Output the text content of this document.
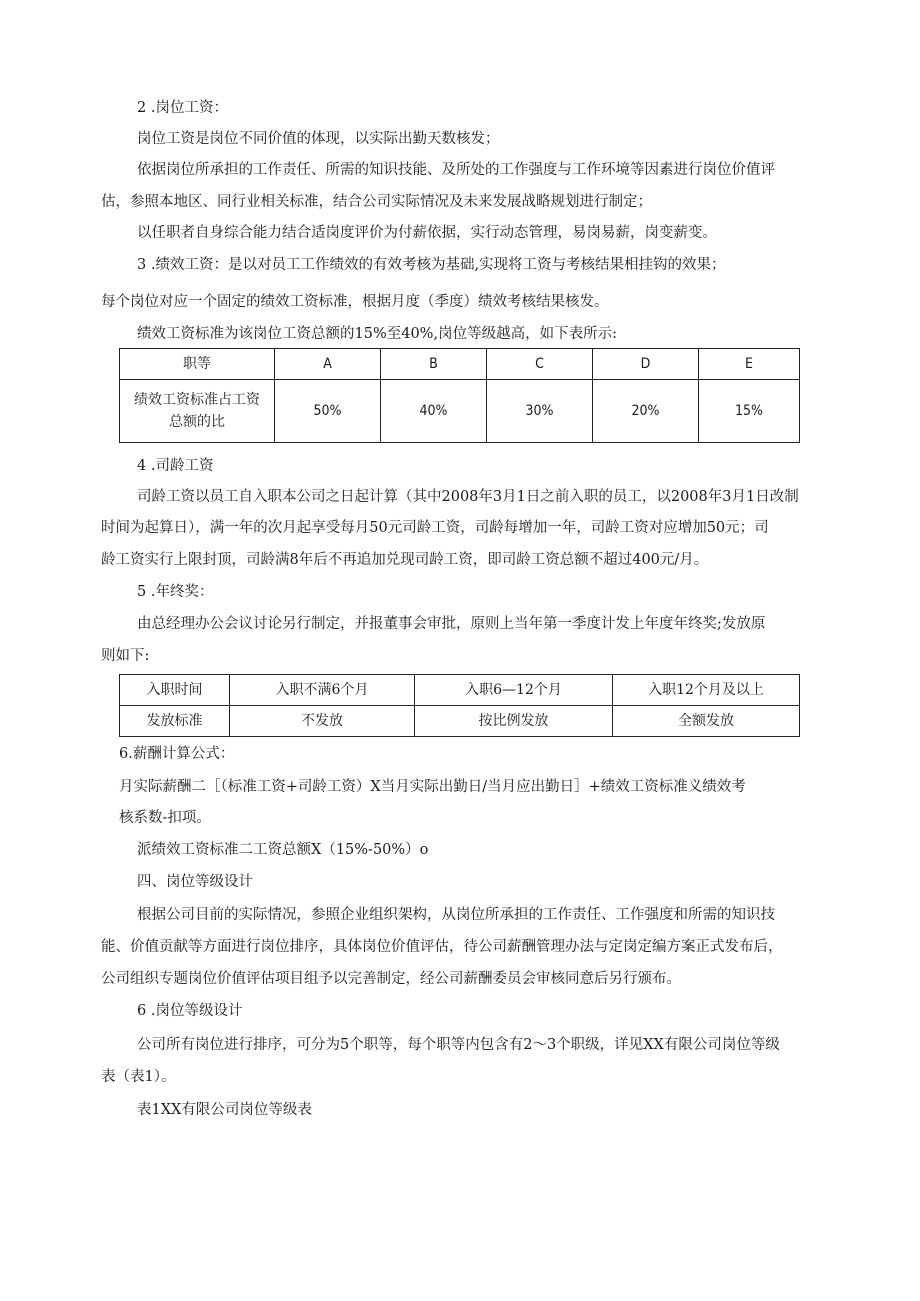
2 .岗位工资：

岗位工资是岗位不同价值的体现，以实际出勤天数核发；

依据岗位所承担的工作责任、所需的知识技能、及所处的工作强度与工作环境等因素进行岗位价值评

估，参照本地区、同行业相关标准，结合公司实际情况及未来发展战略规划进行制定；

以任职者自身综合能力结合适岗度评价为付薪依据，实行动态管理，易岗易薪，岗变薪变。

3 .绩效工资：是以对员工工作绩效的有效考核为基础,实现将工资与考核结果相挂钩的效果；

每个岗位对应一个固定的绩效工资标准，根据月度（季度）绩效考核结果核发。

绩效工资标准为该岗位工资总额的15%至40%,岗位等级越高，如下表所示:

职等	A	B	C	D	E

绩效工资标准占工资
总额的比	50%	40%	30%	20%	15%

4 .司龄工资

司龄工资以员工自入职本公司之日起计算（其中2008年3月1日之前入职的员工，以2008年3月1日改制

时间为起算日），满一年的次月起享受每月50元司龄工资，司龄每增加一年，司龄工资对应增加50元；司

龄工资实行上限封顶，司龄满8年后不再追加兑现司龄工资，即司龄工资总额不超过400元/月。

5 .年终奖：

由总经理办公会议讨论另行制定，并报董事会审批，原则上当年第一季度计发上年度年终奖;发放原

则如下:

入职时间	入职不满6个月	入职6—12个月	入职12个月及以上
发放标准	不发放	按比例发放	全额发放

6.薪酬计算公式：

月实际薪酬二［（标准工资+司龄工资）X当月实际出勤日/当月应出勤日］+绩效工资标准义绩效考

核系数-扣项。

派绩效工资标准二工资总额X（15%-50%）o

四、岗位等级设计

根据公司目前的实际情况，参照企业组织架构，从岗位所承担的工作责任、工作强度和所需的知识技

能、价值贡献等方面进行岗位排序，具体岗位价值评估，待公司薪酬管理办法与定岗定编方案正式发布后，

公司组织专题岗位价值评估项目组予以完善制定，经公司薪酬委员会审核同意后另行颁布。

6 .岗位等级设计

公司所有岗位进行排序，可分为5个职等，每个职等内包含有2〜3个职级，详见XX有限公司岗位等级

表（表1）。

表1XX有限公司岗位等级表
